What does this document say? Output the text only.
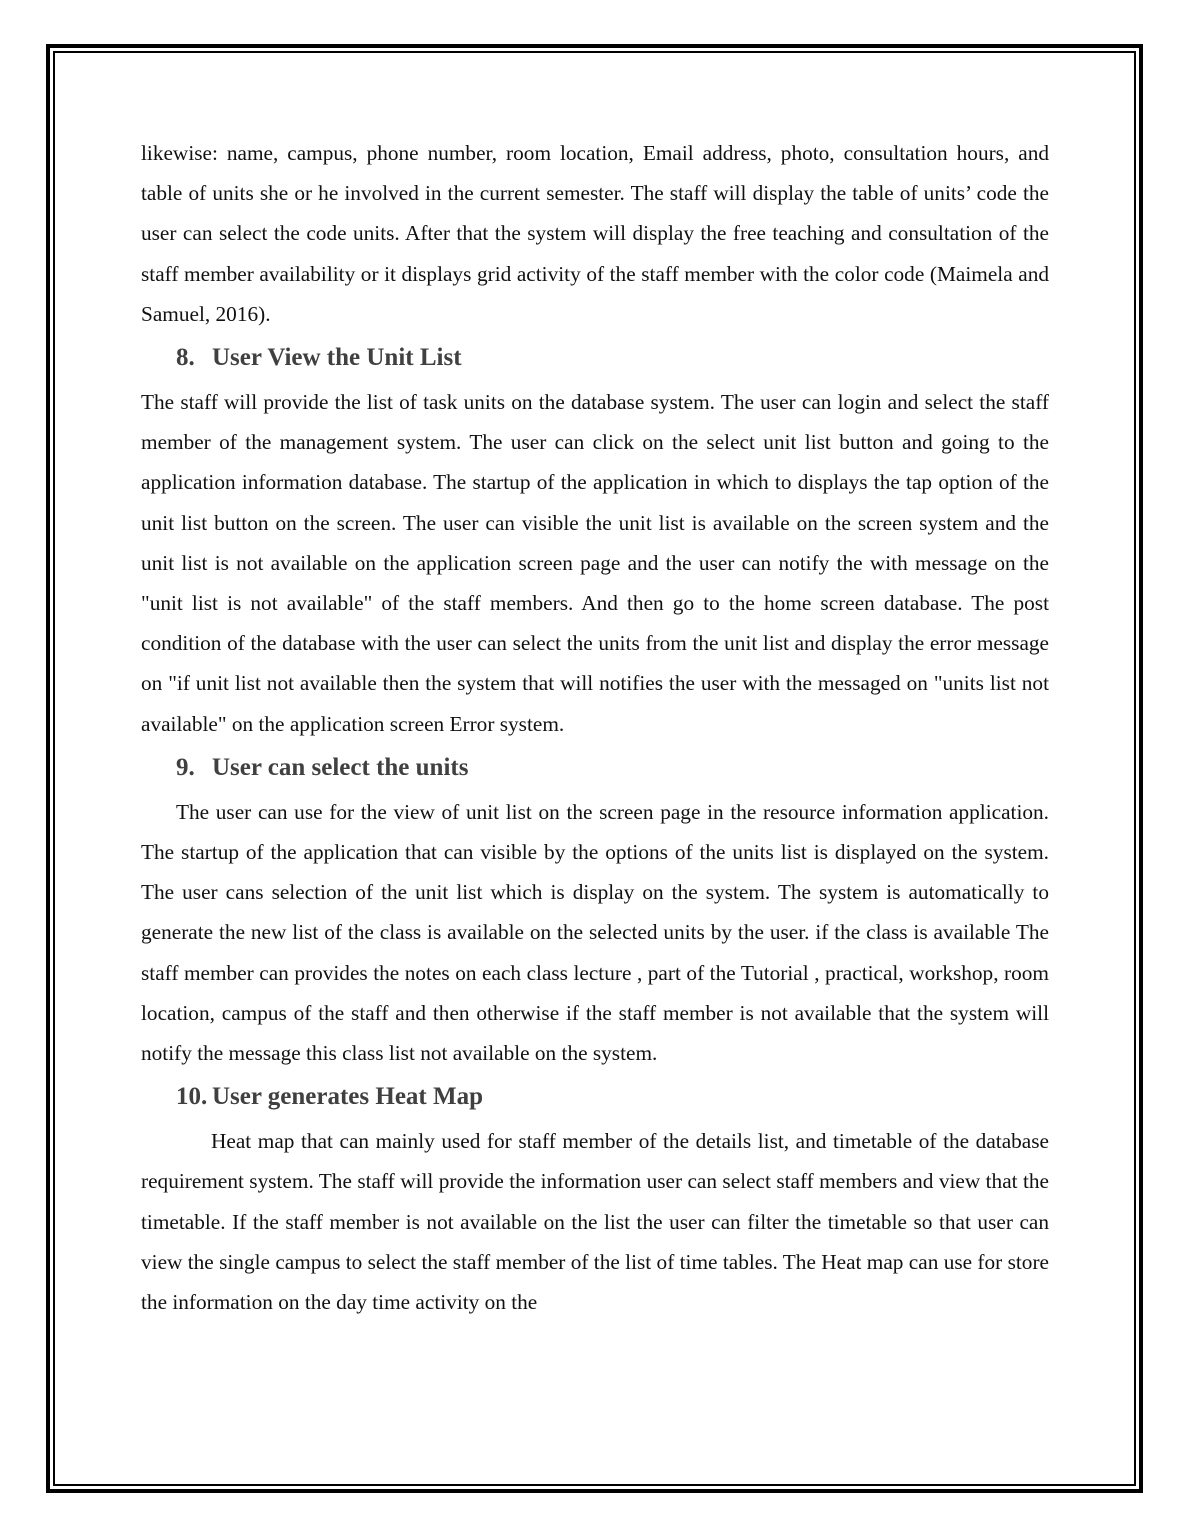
likewise: name, campus, phone number, room location, Email address, photo, consultation hours, and table of units she or he involved in the current semester. The staff will display the table of units’ code the user can select the code units. After that the system will display the free teaching and consultation of the staff member availability or it displays grid activity of the staff member with the color code (Maimela and Samuel, 2016).

8. User View the Unit List

The staff will provide the list of task units on the database system. The user can login and select the staff member of the management system. The user can click on the select unit list button and going to the application information database. The startup of the application in which to displays the tap option of the unit list button on the screen. The user can visible the unit list is available on the screen system and the unit list is not available on the application screen page and the user can notify the with message on the "unit list is not available" of the staff members. And then go to the home screen database. The post condition of the database with the user can select the units from the unit list and display the error message on "if unit list not available then the system that will notifies the user with the messaged on "units list not available" on the application screen Error system.

9. User can select the units

The user can use for the view of unit list on the screen page in the resource information application. The startup of the application that can visible by the options of the units list is displayed on the system. The user cans selection of the unit list which is display on the system. The system is automatically to generate the new list of the class is available on the selected units by the user. if the class is available The staff member can provides the notes on each class lecture , part of the Tutorial , practical, workshop, room location, campus of the staff and then otherwise if the staff member is not available that the system will notify the message this class list not available on the system.

10. User generates Heat Map

Heat map that can mainly used for staff member of the details list, and timetable of the database requirement system. The staff will provide the information user can select staff members and view that the timetable. If the staff member is not available on the list the user can filter the timetable so that user can view the single campus to select the staff member of the list of time tables. The Heat map can use for store the information on the day time activity on the
